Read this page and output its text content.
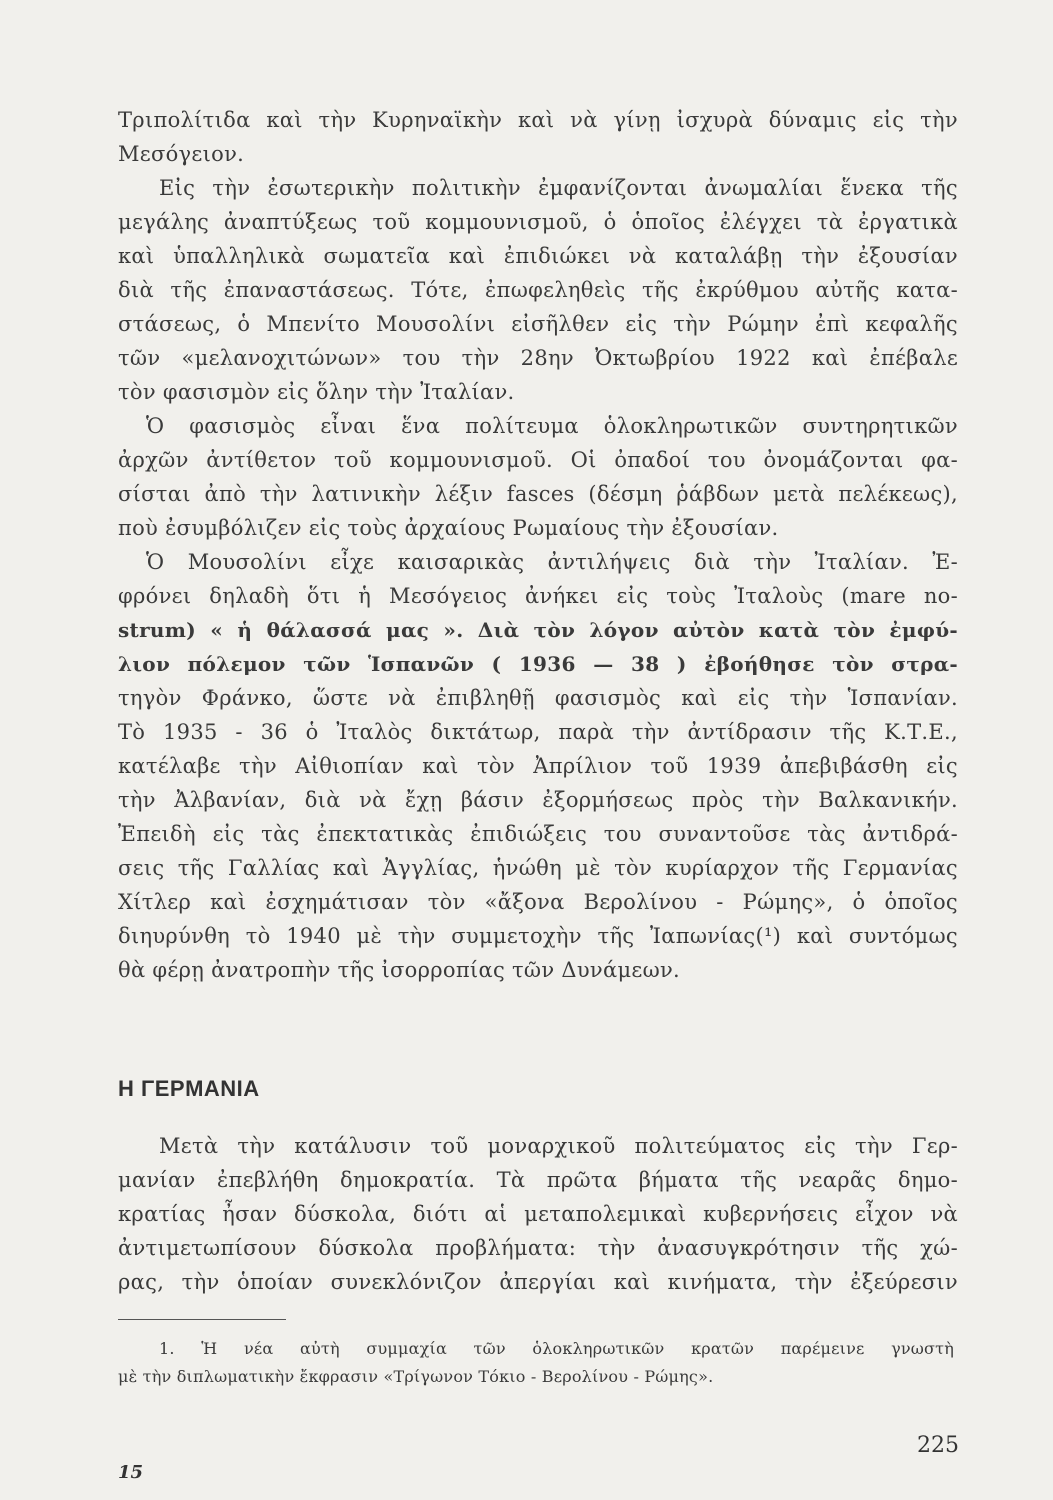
Τριπολίτιδα καὶ τὴν Κυρηναϊκὴν καὶ νὰ γίνῃ ἰσχυρὰ δύναμις εἰς τὴν
Μεσόγειον.
Εἰς τὴν ἐσωτερικὴν πολιτικὴν ἐμφανίζονται ἀνωμαλίαι ἕνεκα τῆς
μεγάλης ἀναπτύξεως τοῦ κομμουνισμοῦ, ὁ ὁποῖος ἐλέγχει τὰ ἐργατικὰ
καὶ ὑπαλληλικὰ σωματεῖα καὶ ἐπιδιώκει νὰ καταλάβῃ τὴν ἐξουσίαν
διὰ τῆς ἐπαναστάσεως. Τότε, ἐπωφεληθεὶς τῆς ἐκρύθμου αὐτῆς κατα-
στάσεως, ὁ Μπενίτο Μουσολίνι εἰσῆλθεν εἰς τὴν Ρώμην ἐπὶ κεφαλῆς
τῶν «μελανοχιτώνων» του τὴν 28ην Ὀκτωβρίου 1922 καὶ ἐπέβαλε
τὸν φασισμὸν εἰς ὅλην τὴν Ἰταλίαν.
Ὁ φασισμὸς εἶναι ἕνα πολίτευμα ὁλοκληρωτικῶν συντηρητικῶν
ἀρχῶν ἀντίθετον τοῦ κομμουνισμοῦ. Οἱ ὀπαδοί του ὀνομάζονται φα-
σίσται ἀπὸ τὴν λατινικὴν λέξιν fasces (δέσμη ῥάβδων μετὰ πελέκεως),
ποὺ ἐσυμβόλιζεν εἰς τοὺς ἀρχαίους Ρωμαίους τὴν ἐξουσίαν.
Ὁ Μουσολίνι εἶχε καισαρικὰς ἀντιλήψεις διὰ τὴν Ἰταλίαν. Ἐ-
φρόνει δηλαδὴ ὅτι ἡ Μεσόγειος ἀνήκει εἰς τοὺς Ἰταλοὺς (mare no-
strum) « ἡ θάλασσά μας ». Διὰ τὸν λόγον αὐτὸν κατὰ τὸν ἐμφύ-
λιον πόλεμον τῶν Ἱσπανῶν ( 1936 — 38 ) ἐβοήθησε τὸν στρα-
τηγὸν Φράνκο, ὥστε νὰ ἐπιβληθῇ φασισμὸς καὶ εἰς τὴν Ἱσπανίαν.
Τὸ 1935 - 36 ὁ Ἰταλὸς δικτάτωρ, παρὰ τὴν ἀντίδρασιν τῆς Κ.Τ.Ε.,
κατέλαβε τὴν Αἰθιοπίαν καὶ τὸν Ἀπρίλιον τοῦ 1939 ἀπεβιβάσθη εἰς
τὴν Ἀλβανίαν, διὰ νὰ ἔχῃ βάσιν ἐξορμήσεως πρὸς τὴν Βαλκανικήν.
Ἐπειδὴ εἰς τὰς ἐπεκτατικὰς ἐπιδιώξεις του συναντοῦσε τὰς ἀντιδρά-
σεις τῆς Γαλλίας καὶ Ἀγγλίας, ἡνώθη μὲ τὸν κυρίαρχον τῆς Γερμανίας
Χίτλερ καὶ ἐσχημάτισαν τὸν «ἄξονα Βερολίνου - Ρώμης», ὁ ὁποῖος
διηυρύνθη τὸ 1940 μὲ τὴν συμμετοχὴν τῆς Ἰαπωνίας(¹) καὶ συντόμως
θὰ φέρῃ ἀνατροπὴν τῆς ἰσορροπίας τῶν Δυνάμεων.
Η ΓΕΡΜΑΝΙΑ
Μετὰ τὴν κατάλυσιν τοῦ μοναρχικοῦ πολιτεύματος εἰς τὴν Γερ-
μανίαν ἐπεβλήθη δημοκρατία. Τὰ πρῶτα βήματα τῆς νεαρᾶς δημο-
κρατίας ἦσαν δύσκολα, διότι αἱ μεταπολεμικαὶ κυβερνήσεις εἶχον νὰ
ἀντιμετωπίσουν δύσκολα προβλήματα: τὴν ἀνασυγκρότησιν τῆς χώ-
ρας, τὴν ὁποίαν συνεκλόνιζον ἀπεργίαι καὶ κινήματα, τὴν ἐξεύρεσιν
1. Ἡ νέα αὐτὴ συμμαχία τῶν ὁλοκληρωτικῶν κρατῶν παρέμεινε γνωστὴ
μὲ τὴν διπλωματικὴν ἔκφρασιν «Τρίγωνον Τόκιο - Βερολίνου - Ρώμης».
225
15
